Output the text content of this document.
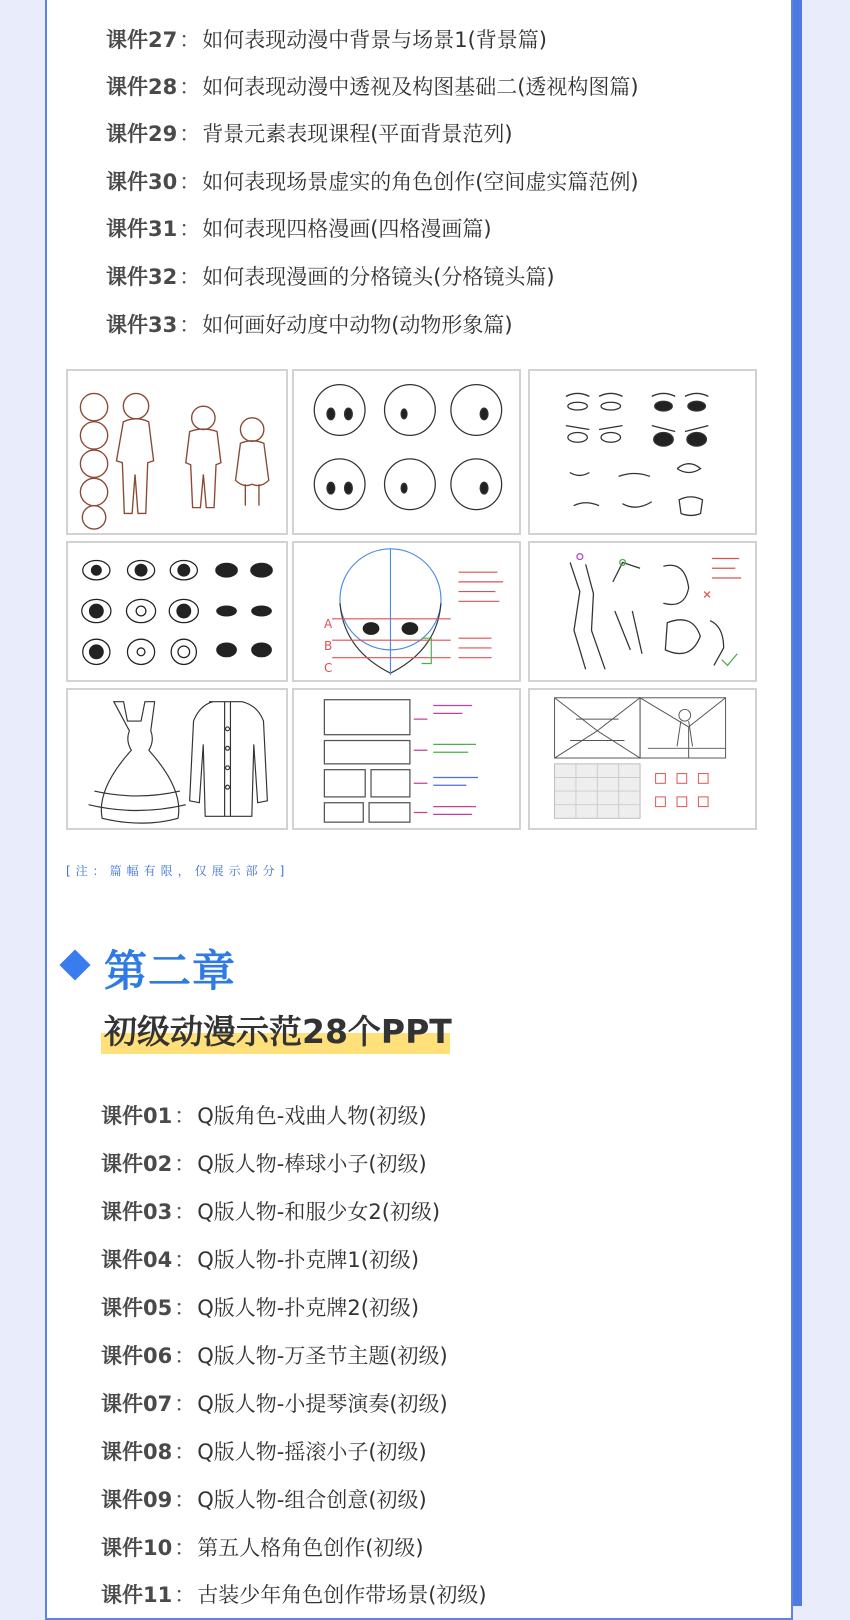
课件27：如何表现动漫中背景与场景1(背景篇)
课件28：如何表现动漫中透视及构图基础二(透视构图篇)
课件29：背景元素表现课程(平面背景范列)
课件30：如何表现场景虚实的角色创作(空间虚实篇范例)
课件31：如何表现四格漫画(四格漫画篇)
课件32：如何表现漫画的分格镜头(分格镜头篇)
课件33：如何画好动度中动物(动物形象篇)
A
B
C
[注：篇幅有限，仅展示部分]
第二章
初级动漫示范28个PPT
课件01：Q版角色-戏曲人物(初级)
课件02：Q版人物-棒球小子(初级)
课件03：Q版人物-和服少女2(初级)
课件04：Q版人物-扑克牌1(初级)
课件05：Q版人物-扑克牌2(初级)
课件06：Q版人物-万圣节主题(初级)
课件07：Q版人物-小提琴演奏(初级)
课件08：Q版人物-摇滚小子(初级)
课件09：Q版人物-组合创意(初级)
课件10：第五人格角色创作(初级)
课件11：古装少年角色创作带场景(初级)
